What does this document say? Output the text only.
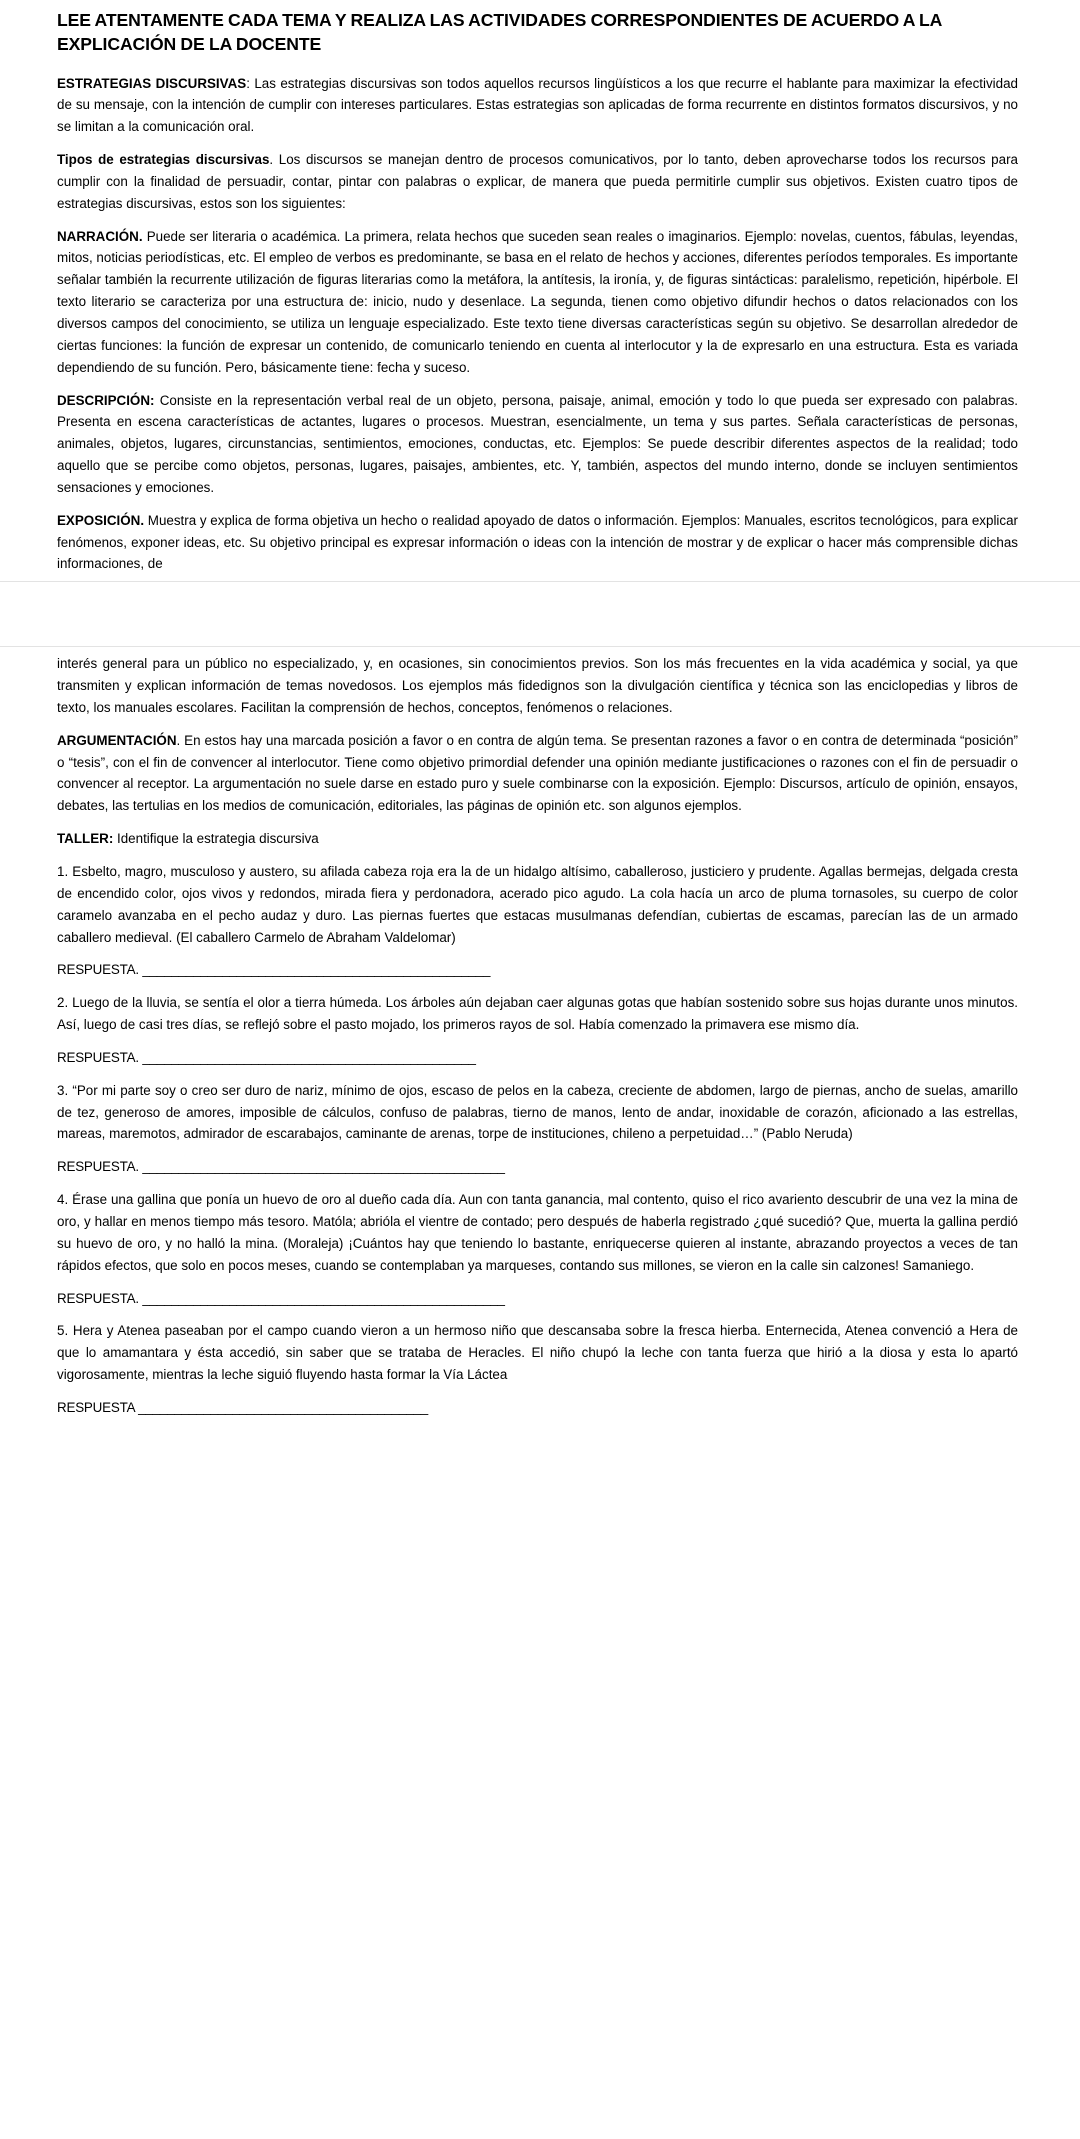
LEE ATENTAMENTE CADA TEMA Y REALIZA LAS ACTIVIDADES CORRESPONDIENTES DE ACUERDO A LA EXPLICACIÓN DE LA DOCENTE

ESTRATEGIAS DISCURSIVAS: Las estrategias discursivas son todos aquellos recursos lingüísticos a los que recurre el hablante para maximizar la efectividad de su mensaje, con la intención de cumplir con intereses particulares. Estas estrategias son aplicadas de forma recurrente en distintos formatos discursivos, y no se limitan a la comunicación oral.

Tipos de estrategias discursivas. Los discursos se manejan dentro de procesos comunicativos, por lo tanto, deben aprovecharse todos los recursos para cumplir con la finalidad de persuadir, contar, pintar con palabras o explicar, de manera que pueda permitirle cumplir sus objetivos. Existen cuatro tipos de estrategias discursivas, estos son los siguientes:

NARRACIÓN. Puede ser literaria o académica. La primera, relata hechos que suceden sean reales o imaginarios. Ejemplo: novelas, cuentos, fábulas, leyendas, mitos, noticias periodísticas, etc. El empleo de verbos es predominante, se basa en el relato de hechos y acciones, diferentes períodos temporales. Es importante señalar también la recurrente utilización de figuras literarias como la metáfora, la antítesis, la ironía, y, de figuras sintácticas: paralelismo, repetición, hipérbole. El texto literario se caracteriza por una estructura de: inicio, nudo y desenlace. La segunda, tienen como objetivo difundir hechos o datos relacionados con los diversos campos del conocimiento, se utiliza un lenguaje especializado. Este texto tiene diversas características según su objetivo. Se desarrollan alrededor de ciertas funciones: la función de expresar un contenido, de comunicarlo teniendo en cuenta al interlocutor y la de expresarlo en una estructura. Esta es variada dependiendo de su función. Pero, básicamente tiene: fecha y suceso.

DESCRIPCIÓN: Consiste en la representación verbal real de un objeto, persona, paisaje, animal, emoción y todo lo que pueda ser expresado con palabras. Presenta en escena características de actantes, lugares o procesos. Muestran, esencialmente, un tema y sus partes. Señala características de personas, animales, objetos, lugares, circunstancias, sentimientos, emociones, conductas, etc. Ejemplos: Se puede describir diferentes aspectos de la realidad; todo aquello que se percibe como objetos, personas, lugares, paisajes, ambientes, etc. Y, también, aspectos del mundo interno, donde se incluyen sentimientos sensaciones y emociones.

EXPOSICIÓN. Muestra y explica de forma objetiva un hecho o realidad apoyado de datos o información. Ejemplos: Manuales, escritos tecnológicos, para explicar fenómenos, exponer ideas, etc. Su objetivo principal es expresar información o ideas con la intención de mostrar y de explicar o hacer más comprensible dichas informaciones, de

interés general para un público no especializado, y, en ocasiones, sin conocimientos previos. Son los más frecuentes en la vida académica y social, ya que transmiten y explican información de temas novedosos. Los ejemplos más fidedignos son la divulgación científica y técnica son las enciclopedias y libros de texto, los manuales escolares. Facilitan la comprensión de hechos, conceptos, fenómenos o relaciones.

ARGUMENTACIÓN. En estos hay una marcada posición a favor o en contra de algún tema. Se presentan razones a favor o en contra de determinada “posición” o “tesis”, con el fin de convencer al interlocutor. Tiene como objetivo primordial defender una opinión mediante justificaciones o razones con el fin de persuadir o convencer al receptor. La argumentación no suele darse en estado puro y suele combinarse con la exposición. Ejemplo: Discursos, artículo de opinión, ensayos, debates, las tertulias en los medios de comunicación, editoriales, las páginas de opinión etc. son algunos ejemplos.

TALLER: Identifique la estrategia discursiva

1. Esbelto, magro, musculoso y austero, su afilada cabeza roja era la de un hidalgo altísimo, caballeroso, justiciero y prudente. Agallas bermejas, delgada cresta de encendido color, ojos vivos y redondos, mirada fiera y perdonadora, acerado pico agudo. La cola hacía un arco de pluma tornasoles, su cuerpo de color caramelo avanzaba en el pecho audaz y duro. Las piernas fuertes que estacas musulmanas defendían, cubiertas de escamas, parecían las de un armado caballero medieval. (El caballero Carmelo de Abraham Valdelomar)

RESPUESTA. ________________________________________________

2. Luego de la lluvia, se sentía el olor a tierra húmeda. Los árboles aún dejaban caer algunas gotas que habían sostenido sobre sus hojas durante unos minutos. Así, luego de casi tres días, se reflejó sobre el pasto mojado, los primeros rayos de sol. Había comenzado la primavera ese mismo día.

RESPUESTA. ______________________________________________

3. “Por mi parte soy o creo ser duro de nariz, mínimo de ojos, escaso de pelos en la cabeza, creciente de abdomen, largo de piernas, ancho de suelas, amarillo de tez, generoso de amores, imposible de cálculos, confuso de palabras, tierno de manos, lento de andar, inoxidable de corazón, aficionado a las estrellas, mareas, maremotos, admirador de escarabajos, caminante de arenas, torpe de instituciones, chileno a perpetuidad…” (Pablo Neruda)

RESPUESTA. __________________________________________________

4. Érase una gallina que ponía un huevo de oro al dueño cada día. Aun con tanta ganancia, mal contento, quiso el rico avariento descubrir de una vez la mina de oro, y hallar en menos tiempo más tesoro. Matóla; abrióla el vientre de contado; pero después de haberla registrado ¿qué sucedió? Que, muerta la gallina perdió su huevo de oro, y no halló la mina. (Moraleja) ¡Cuántos hay que teniendo lo bastante, enriquecerse quieren al instante, abrazando proyectos a veces de tan rápidos efectos, que solo en pocos meses, cuando se contemplaban ya marqueses, contando sus millones, se vieron en la calle sin calzones! Samaniego.

RESPUESTA. __________________________________________________

5. Hera y Atenea paseaban por el campo cuando vieron a un hermoso niño que descansaba sobre la fresca hierba. Enternecida, Atenea convenció a Hera de que lo amamantara y ésta accedió, sin saber que se trataba de Heracles. El niño chupó la leche con tanta fuerza que hirió a la diosa y esta lo apartó vigorosamente, mientras la leche siguió fluyendo hasta formar la Vía Láctea

RESPUESTA ________________________________________
